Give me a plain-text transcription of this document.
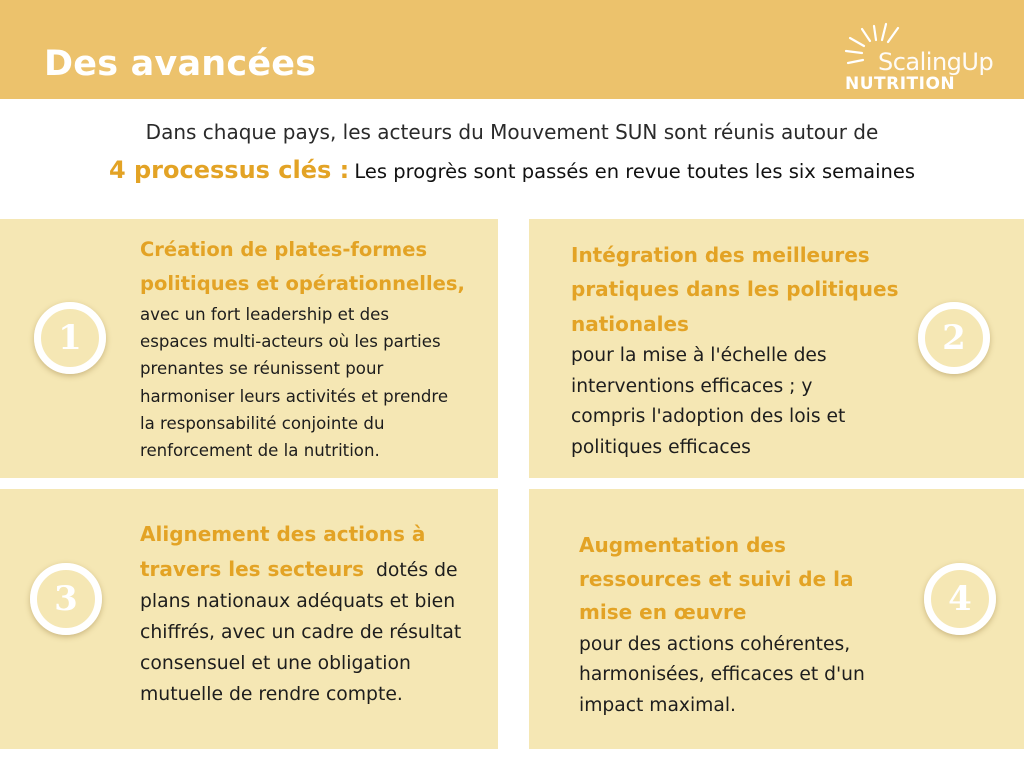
Des avancées	ScalingUp
NUTRITION
Dans chaque pays, les acteurs du Mouvement SUN sont réunis autour de
4 processus clés : Les progrès sont passés en revue toutes les six semaines
1	2
3	4
Création de plates-formes
politiques et opérationnelles,
avec un fort leadership et des
espaces multi-acteurs où les parties
prenantes se réunissent pour
harmoniser leurs activités et prendre
la responsabilité conjointe du
renforcement de la nutrition.
Intégration des meilleures
pratiques dans les politiques
nationales
pour la mise à l'échelle des
interventions efficaces ; y
compris l'adoption des lois et
politiques efficaces
Alignement des actions à
travers les secteurs dotés de
plans nationaux adéquats et bien
chiffrés, avec un cadre de résultat
consensuel et une obligation
mutuelle de rendre compte.
Augmentation des
ressources et suivi de la
mise en œuvre
pour des actions cohérentes,
harmonisées, efficaces et d'un
impact maximal.
